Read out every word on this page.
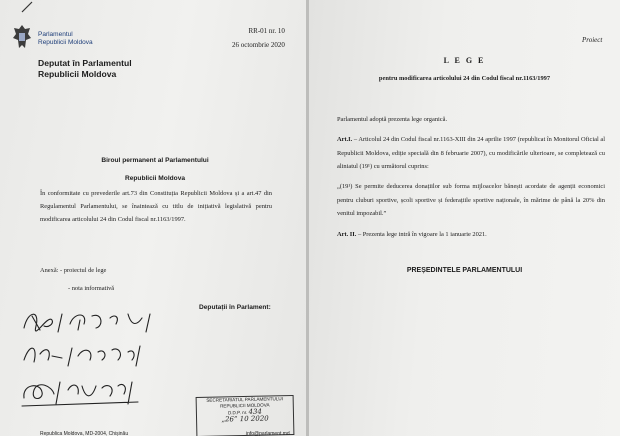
Parlamentul
Republicii Moldova
RR-01 nr. 10
26 octombrie 2020
Deputat în Parlamentul
Republicii Moldova
Biroul permanent al Parlamentului
Republicii Moldova
În conformitate cu prevederile art.73 din Constituția Republicii Moldova și a art.47 din Regulamentul Parlamentului, se înaintează cu titlu de inițiativă legislativă pentru modificarea articolului 24 din Codul fiscal nr.1163/1997.
Anexă: - proiectul de lege
- nota informativă
Deputații în Parlament:
SECRETARIATUL PARLAMENTULUI
REPUBLICII MOLDOVA
D.D.P. nr. 434
„26” 10 2020
Republica Moldova, MD-2004, Chișinău	info@parlament.md
Proiect
L E G E
pentru modificarea articolului 24 din Codul fiscal nr.1163/1997
Parlamentul adoptă prezenta lege organică.
Art.I. – Articolul 24 din Codul fiscal nr.1163-XIII din 24 aprilie 1997 (republicat în Monitorul Oficial al Republicii Moldova, ediție specială din 8 februarie 2007), cu modificările ulterioare, se completează cu aliniatul (19¹) cu următorul cuprins:
„(19¹) Se permite deducerea donațiilor sub forma mijloacelor bănești acordate de agenții economici pentru cluburi sportive, școli sportive și federațiile sportive naționale, în mărime de până la 20% din venitul impozabil.”
Art. II. – Prezenta lege intră în vigoare la 1 ianuarie 2021.
PREȘEDINTELE PARLAMENTULUI
